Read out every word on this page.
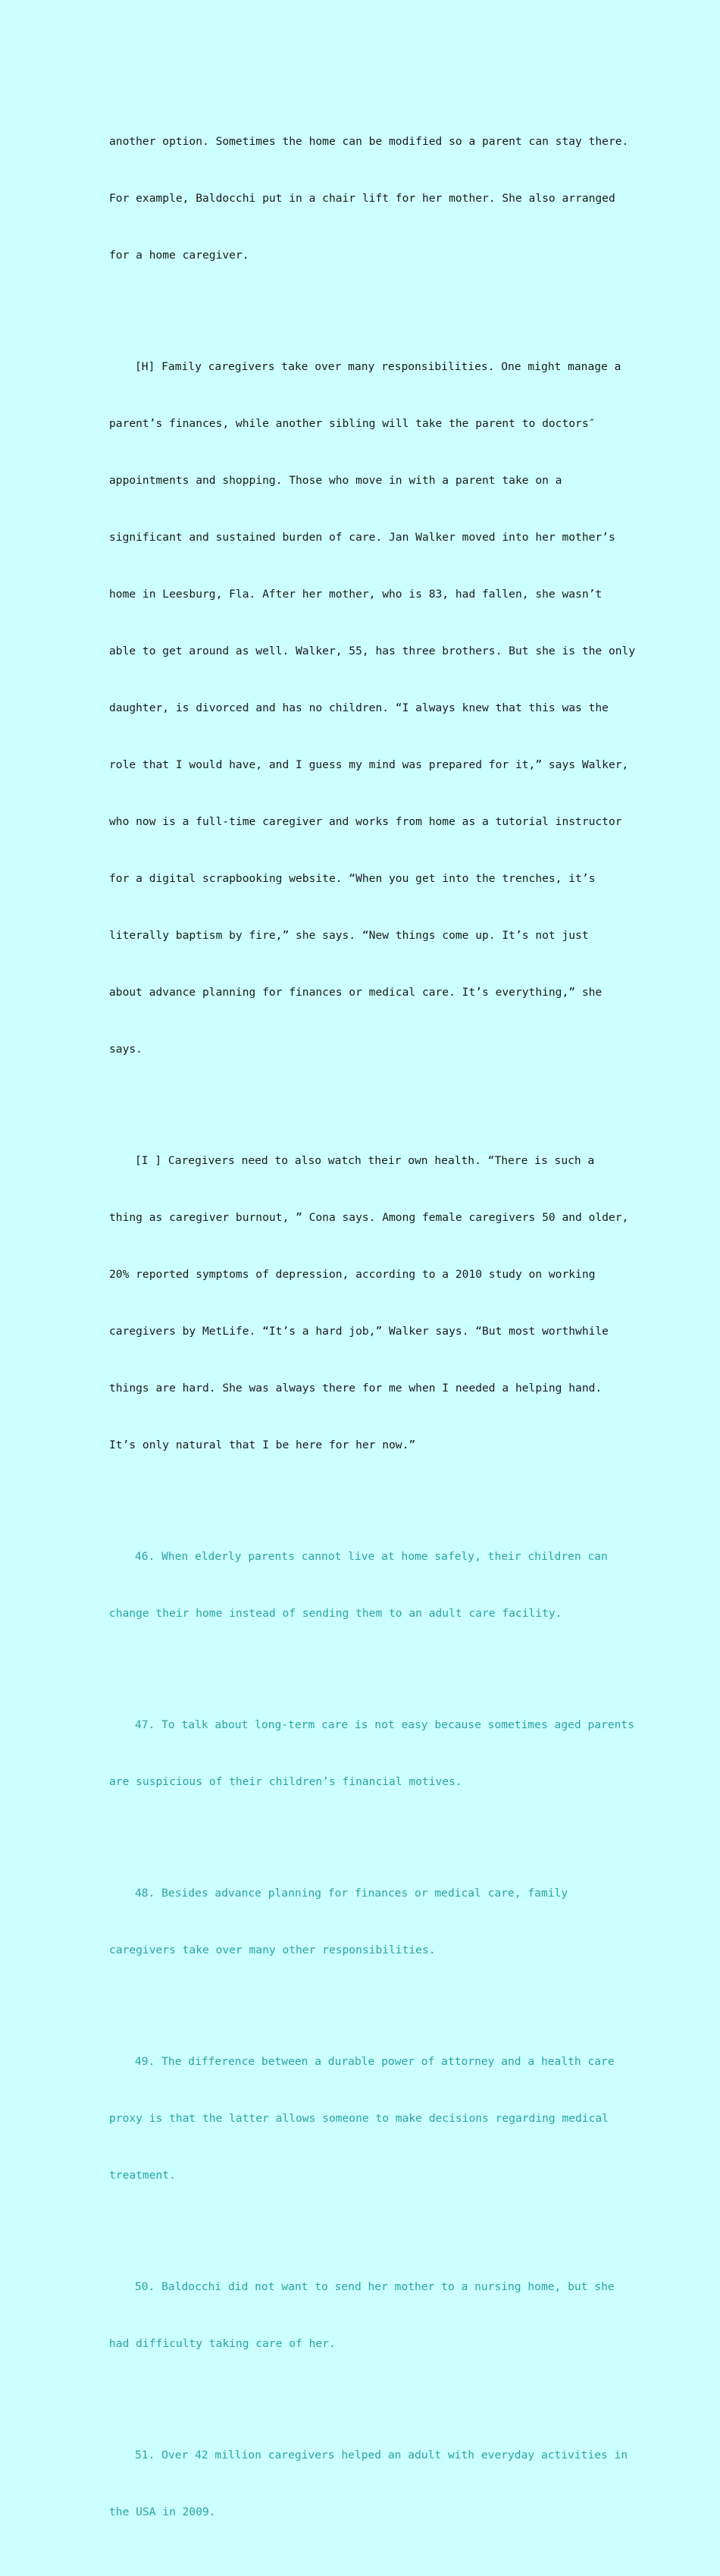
another option. Sometimes the home can be modified so a parent can stay there.

For example, Baldocchi put in a chair lift for her mother. She also arranged

for a home caregiver.

[H] Family caregivers take over many responsibilities. One might manage a

parent’s finances, while another sibling will take the parent to doctors″

appointments and shopping. Those who move in with a parent take on a

significant and sustained burden of care. Jan Walker moved into her mother’s

home in Leesburg, Fla. After her mother, who is 83, had fallen, she wasn’t

able to get around as well. Walker, 55, has three brothers. But she is the only

daughter, is divorced and has no children. “I always knew that this was the

role that I would have, and I guess my mind was prepared for it,” says Walker,

who now is a full-time caregiver and works from home as a tutorial instructor

for a digital scrapbooking website. “When you get into the trenches, it’s

literally baptism by fire,” she says. “New things come up. It’s not just

about advance planning for finances or medical care. It’s everything,” she

says.

[I ] Caregivers need to also watch their own health. “There is such a

thing as caregiver burnout, ” Cona says. Among female caregivers 50 and older,

20% reported symptoms of depression, according to a 2010 study on working

caregivers by MetLife. “It’s a hard job,” Walker says. “But most worthwhile

things are hard. She was always there for me when I needed a helping hand.

It’s only natural that I be here for her now.”

46. When elderly parents cannot live at home safely, their children can

change their home instead of sending them to an adult care facility.

47. To talk about long-term care is not easy because sometimes aged parents

are suspicious of their children’s financial motives.

48. Besides advance planning for finances or medical care, family

caregivers take over many other responsibilities.

49. The difference between a durable power of attorney and a health care

proxy is that the latter allows someone to make decisions regarding medical

treatment.

50. Baldocchi did not want to send her mother to a nursing home, but she

had difficulty taking care of her.

51. Over 42 million caregivers helped an adult with everyday activities in

the USA in 2009.
